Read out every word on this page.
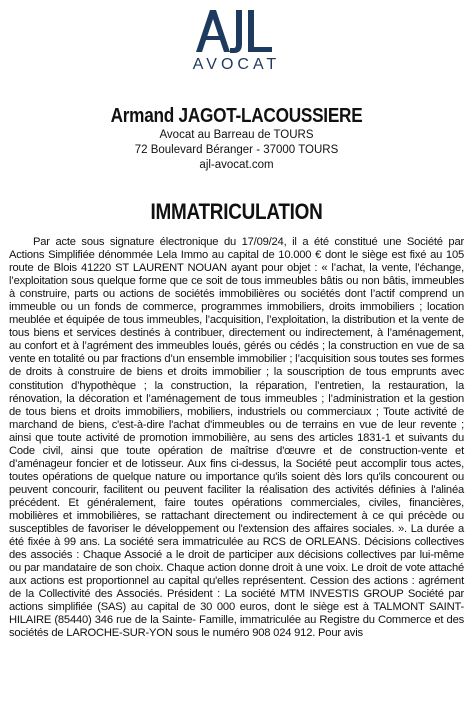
AVOCAT

Armand JAGOT-LACOUSSIERE

Avocat au Barreau de TOURS

72 Boulevard Béranger - 37000 TOURS

ajl-avocat.com

IMMATRICULATION

Par acte sous signature électronique du 17/09/24, il a été constitué une Société par Actions Simplifiée dénommée Lela Immo au capital de 10.000 € dont le siège est fixé au 105 route de Blois 41220 ST LAURENT NOUAN ayant pour objet : « l’achat, la vente, l’échange, l’exploitation sous quelque forme que ce soit de tous immeubles bâtis ou non bâtis, immeubles à construire, parts ou actions de sociétés immobilières ou sociétés dont l’actif comprend un immeuble ou un fonds de commerce, programmes immobiliers, droits immobiliers ; location meublée et équipée de tous immeubles, l’acquisition, l’exploitation, la distribution et la vente de tous biens et services destinés à contribuer, directement ou indirectement, à l’aménagement, au confort et à l’agrément des immeubles loués, gérés ou cédés ; la construction en vue de sa vente en totalité ou par fractions d’un ensemble immobilier ; l’acquisition sous toutes ses formes de droits à construire de biens et droits immobilier ; la souscription de tous emprunts avec constitution d’hypothèque ; la construction, la réparation, l’entretien, la restauration, la rénovation, la décoration et l’aménagement de tous immeubles ; l’administration et la gestion de tous biens et droits immobiliers, mobiliers, industriels ou commerciaux ; Toute activité de marchand de biens, c'est-à-dire l'achat d'immeubles ou de terrains en vue de leur revente ; ainsi que toute activité de promotion immobilière, au sens des articles 1831-1 et suivants du Code civil, ainsi que toute opération de maîtrise d'œuvre et de construction-vente et d’aménageur foncier et de lotisseur. Aux fins ci-dessus, la Société peut accomplir tous actes, toutes opérations de quelque nature ou importance qu'ils soient dès lors qu'ils concourent ou peuvent concourir, facilitent ou peuvent faciliter la réalisation des activités définies à l'alinéa précédent. Et généralement, faire toutes opérations commerciales, civiles, financières, mobilières et immobilières, se rattachant directement ou indirectement à ce qui précède ou susceptibles de favoriser le développement ou l'extension des affaires sociales. ». La durée a été fixée à 99 ans. La société sera immatriculée au RCS de ORLEANS. Décisions collectives des associés : Chaque Associé a le droit de participer aux décisions collectives par lui-même ou par mandataire de son choix. Chaque action donne droit à une voix. Le droit de vote attaché aux actions est proportionnel au capital qu'elles représentent. Cession des actions : agrément de la Collectivité des Associés. Président : La société MTM INVESTIS GROUP Société par actions simplifiée (SAS) au capital de 30 000 euros, dont le siège est à TALMONT SAINT-HILAIRE (85440) 346 rue de la Sainte- Famille, immatriculée au Registre du Commerce et des sociétés de LAROCHE-SUR-YON sous le numéro 908 024 912. Pour avis
